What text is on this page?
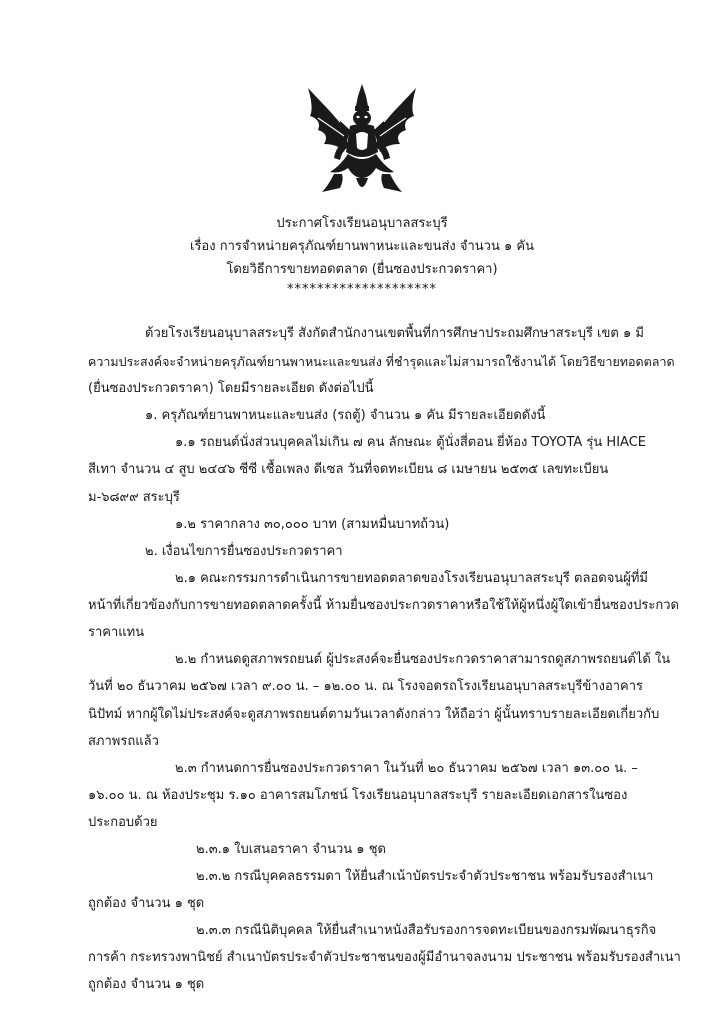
ประกาศโรงเรียนอนุบาลสระบุรี
เรื่อง การจำหน่ายครุภัณฑ์ยานพาหนะและขนส่ง จำนวน ๑ คัน
โดยวิธีการขายทอดตลาด (ยื่นซองประกวดราคา)
********************
ด้วยโรงเรียนอนุบาลสระบุรี สังกัดสำนักงานเขตพื้นที่การศึกษาประถมศึกษาสระบุรี เขต ๑ มี
ความประสงค์จะจำหน่ายครุภัณฑ์ยานพาหนะและขนส่ง ที่ชำรุดและไม่สามารถใช้งานได้ โดยวิธีขายทอดตลาด
(ยื่นซองประกวดราคา) โดยมีรายละเอียด ดังต่อไปนี้
๑. ครุภัณฑ์ยานพาหนะและขนส่ง (รถตู้) จำนวน ๑ คัน มีรายละเอียดดังนี้
๑.๑ รถยนต์นั่งส่วนบุคคลไม่เกิน ๗ คน ลักษณะ ตู้นั่งสี่ตอน ยี่ห้อง TOYOTA รุ่น HIACE
สีเทา จำนวน ๔ สูบ ๒๔๔๖ ซีซี เชื้อเพลง ดีเซล วันที่จดทะเบียน ๘ เมษายน ๒๕๓๕ เลขทะเบียน
ม-๖๘๙๙ สระบุรี
๑.๒ ราคากลาง ๓๐,๐๐๐ บาท (สามหมื่นบาทถ้วน)
๒. เงื่อนไขการยื่นซองประกวดราคา
๒.๑ คณะกรรมการดำเนินการขายทอดตลาดของโรงเรียนอนุบาลสระบุรี ตลอดจนผู้ที่มี
หน้าที่เกี่ยวข้องกับการขายทอดตลาดครั้งนี้ ห้ามยื่นซองประกวดราคาหรือใช้ให้ผู้หนึ่งผู้ใดเข้ายื่นซองประกวด
ราคาแทน
๒.๒ กำหนดดูสภาพรถยนต์ ผู้ประสงค์จะยื่นซองประกวดราคาสามารถดูสภาพรถยนต์ได้ ใน
วันที่ ๒๐ ธันวาคม ๒๕๖๗ เวลา ๙.๐๐ น. – ๑๒.๐๐ น. ณ โรงจอดรถโรงเรียนอนุบาลสระบุรีข้างอาคาร
นิปัทม์ หากผู้ใดไม่ประสงค์จะดูสภาพรถยนต์ตามวันเวลาดังกล่าว ให้ถือว่า ผู้นั้นทราบรายละเอียดเกี่ยวกับ
สภาพรถแล้ว
๒.๓ กำหนดการยื่นซองประกวดราคา ในวันที่ ๒๐ ธันวาคม ๒๕๖๗ เวลา ๑๓.๐๐ น. –
๑๖.๐๐ น. ณ ห้องประชุม ร.๑๐ อาคารสมโภชน์ โรงเรียนอนุบาลสระบุรี รายละเอียดเอกสารในซอง
ประกอบด้วย
๒.๓.๑ ใบเสนอราคา จำนวน ๑ ชุด
๒.๓.๒ กรณีบุคคลธรรมดา ให้ยื่นสำเน้าบัตรประจำตัวประชาชน พร้อมรับรองสำเนา
ถูกต้อง จำนวน ๑ ชุด
๒.๓.๓ กรณีนิติบุคคล ให้ยื่นสำเนาหนังสือรับรองการจดทะเบียนของกรมพัฒนาธุรกิจ
การค้า กระทรวงพานิชย์ สำเนาบัตรประจำตัวประชาชนของผู้มีอำนาจลงนาม ประชาชน พร้อมรับรองสำเนา
ถูกต้อง จำนวน ๑ ชุด
